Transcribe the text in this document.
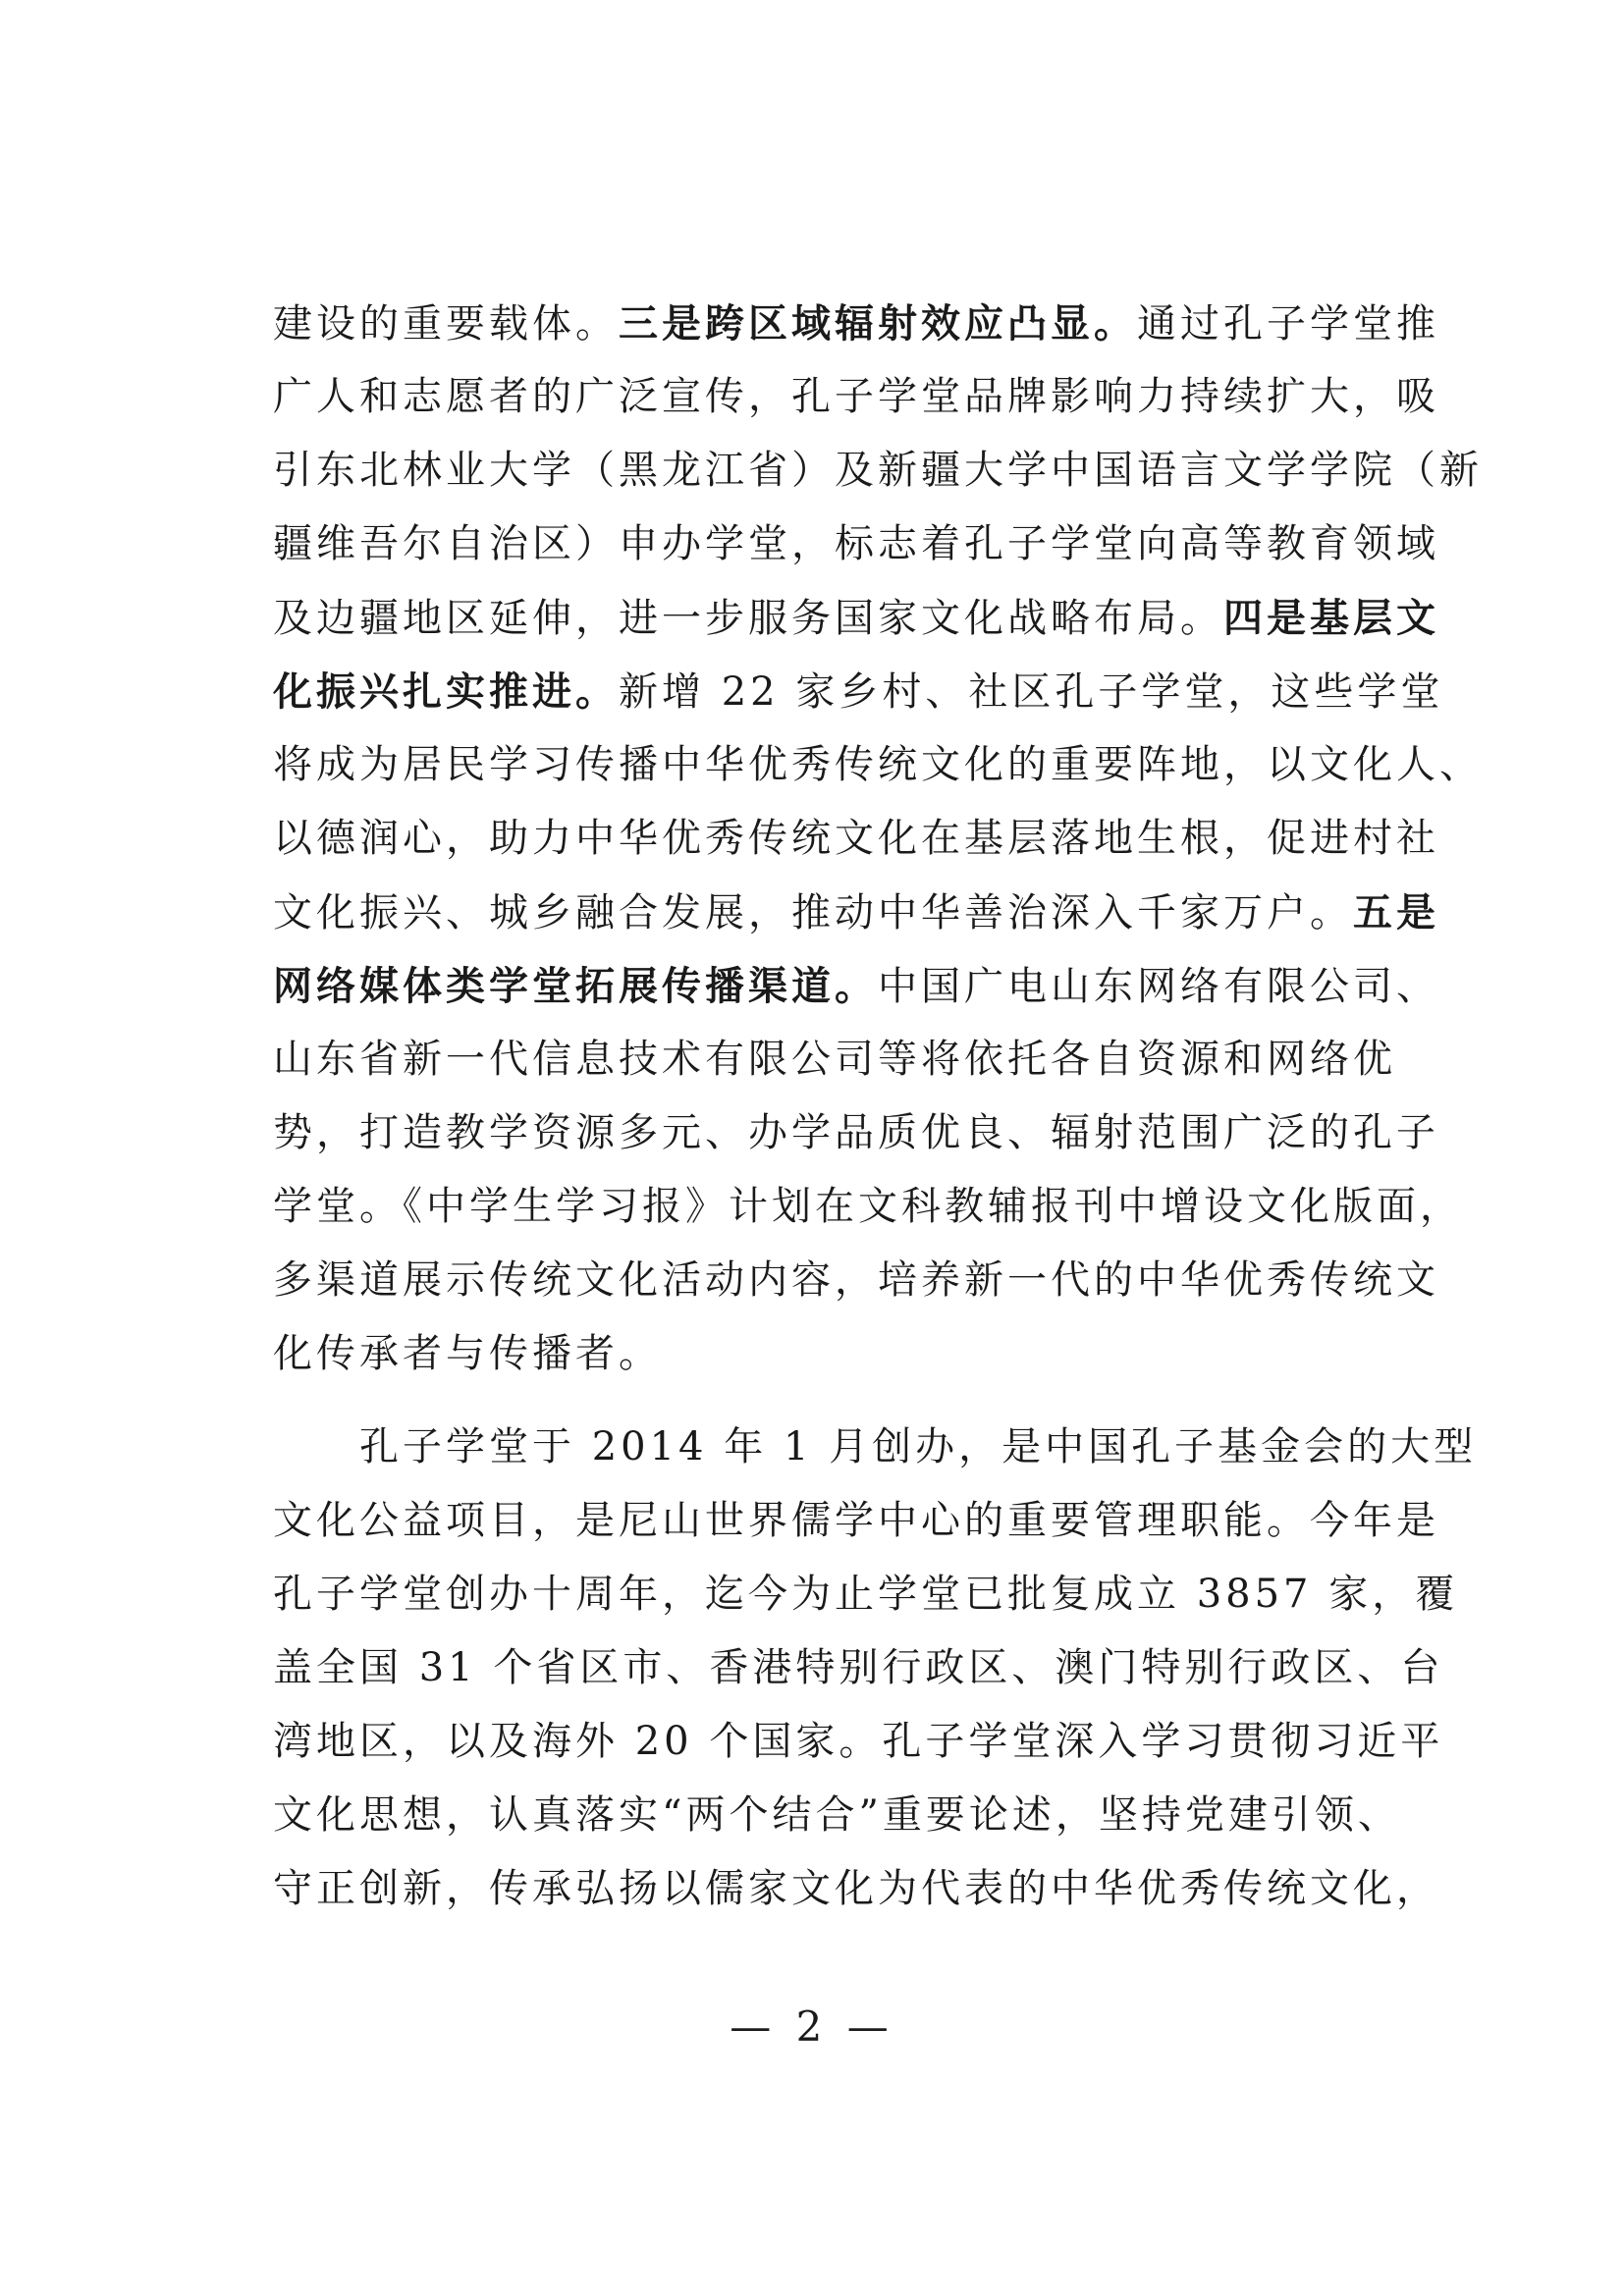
建设的重要载体。三是跨区域辐射效应凸显。通过孔子学堂推
广人和志愿者的广泛宣传，孔子学堂品牌影响力持续扩大，吸
引东北林业大学（黑龙江省）及新疆大学中国语言文学学院（新
疆维吾尔自治区）申办学堂，标志着孔子学堂向高等教育领域
及边疆地区延伸，进一步服务国家文化战略布局。四是基层文
化振兴扎实推进。新增 22 家乡村、社区孔子学堂，这些学堂
将成为居民学习传播中华优秀传统文化的重要阵地，以文化人、
以德润心，助力中华优秀传统文化在基层落地生根，促进村社
文化振兴、城乡融合发展，推动中华善治深入千家万户。五是
网络媒体类学堂拓展传播渠道。中国广电山东网络有限公司、
山东省新一代信息技术有限公司等将依托各自资源和网络优
势，打造教学资源多元、办学品质优良、辐射范围广泛的孔子
学堂。《中学生学习报》计划在文科教辅报刊中增设文化版面，
多渠道展示传统文化活动内容，培养新一代的中华优秀传统文
化传承者与传播者。
孔子学堂于 2014 年 1 月创办，是中国孔子基金会的大型
文化公益项目，是尼山世界儒学中心的重要管理职能。今年是
孔子学堂创办十周年，迄今为止学堂已批复成立 3857 家，覆
盖全国 31 个省区市、香港特别行政区、澳门特别行政区、台
湾地区，以及海外 20 个国家。孔子学堂深入学习贯彻习近平
文化思想，认真落实“两个结合”重要论述，坚持党建引领、
守正创新，传承弘扬以儒家文化为代表的中华优秀传统文化，
— 2 —
